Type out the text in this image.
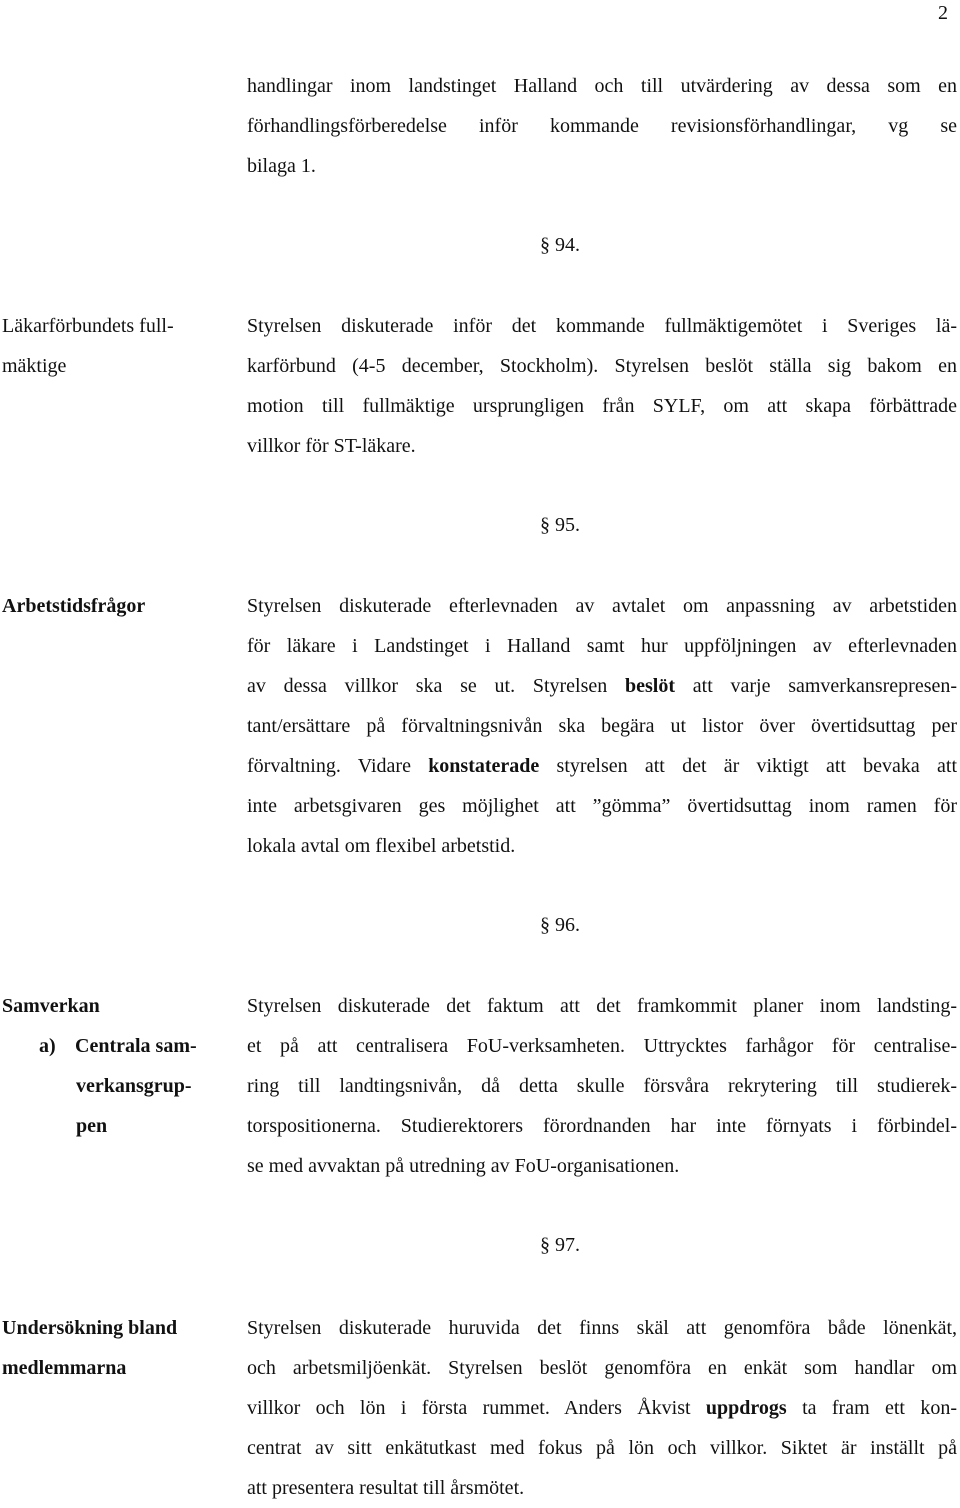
2
handlingar inom landstinget Halland och till utvärdering av dessa som en
förhandlingsförberedelse inför kommande revisionsförhandlingar, vg se
bilaga 1.
§ 94.
Läkarförbundets full-
mäktige
Styrelsen diskuterade inför det kommande fullmäktigemötet i Sveriges lä-
karförbund (4-5 december, Stockholm). Styrelsen beslöt ställa sig bakom en
motion till fullmäktige ursprungligen från SYLF, om att skapa förbättrade
villkor för ST-läkare.
§ 95.
Arbetstidsfrågor	Styrelsen diskuterade efterlevnaden av avtalet om anpassning av arbetstiden
för läkare i Landstinget i Halland samt hur uppföljningen av efterlevnaden
av dessa villkor ska se ut. Styrelsen beslöt att varje samverkansrepresen-
tant/ersättare på förvaltningsnivån ska begära ut listor över övertidsuttag per
förvaltning. Vidare konstaterade styrelsen att det är viktigt att bevaka att
inte arbetsgivaren ges möjlighet att ”gömma” övertidsuttag inom ramen för
lokala avtal om flexibel arbetstid.
§ 96.
Samverkan
a) Centrala sam-
verkansgrup-
pen
Styrelsen diskuterade det faktum att det framkommit planer inom landsting-
et på att centralisera FoU-verksamheten. Uttrycktes farhågor för centralise-
ring till landtingsnivån, då detta skulle försvåra rekrytering till studierek-
torspositionerna. Studierektorers förordnanden har inte förnyats i förbindel-
se med avvaktan på utredning av FoU-organisationen.
§ 97.
Undersökning bland
medlemmarna
Styrelsen diskuterade huruvida det finns skäl att genomföra både lönenkät,
och arbetsmiljöenkät. Styrelsen beslöt genomföra en enkät som handlar om
villkor och lön i första rummet. Anders Åkvist uppdrogs ta fram ett kon-
centrat av sitt enkätutkast med fokus på lön och villkor. Siktet är inställt på
att presentera resultat till årsmötet.
